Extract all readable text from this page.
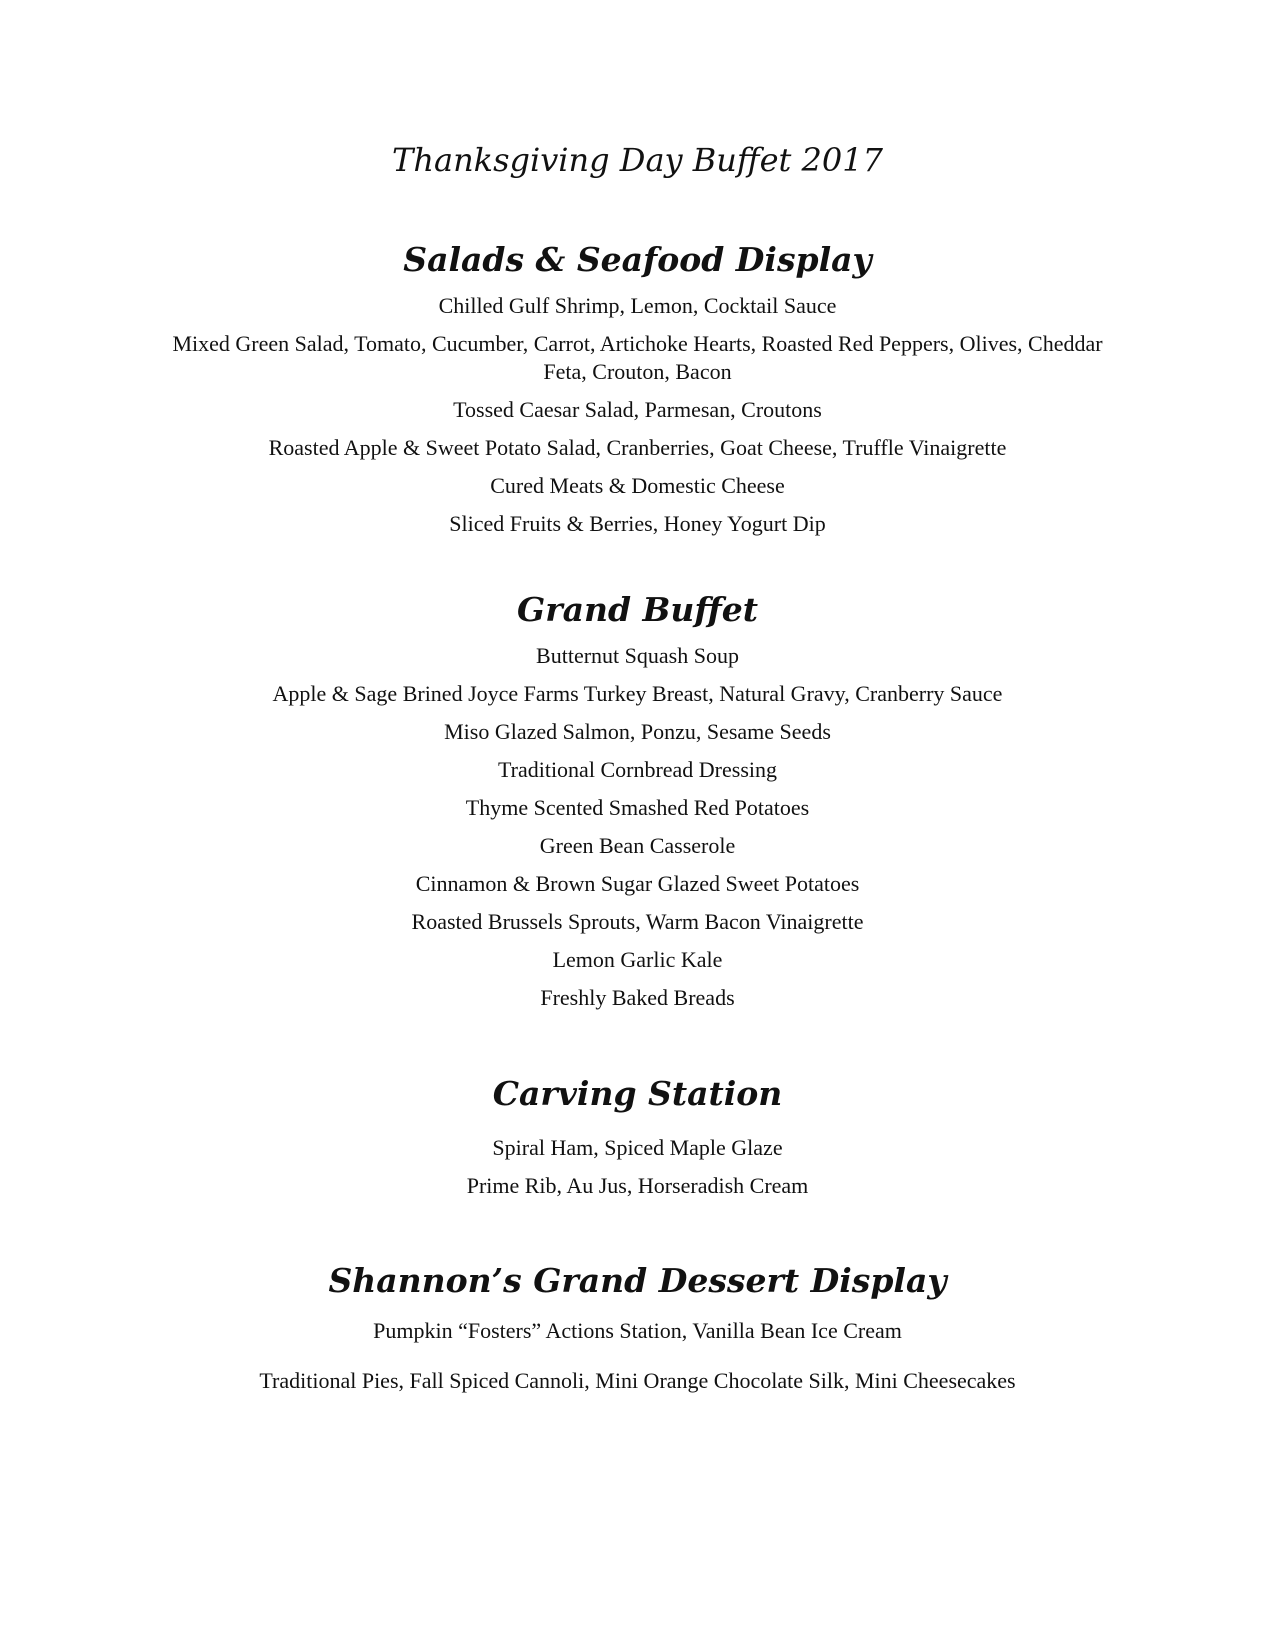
Thanksgiving Day Buffet 2017
Salads & Seafood Display
Chilled Gulf Shrimp, Lemon, Cocktail Sauce
Mixed Green Salad, Tomato, Cucumber, Carrot, Artichoke Hearts, Roasted Red Peppers, Olives, Cheddar Feta, Crouton, Bacon
Tossed Caesar Salad, Parmesan, Croutons
Roasted Apple & Sweet Potato Salad, Cranberries, Goat Cheese, Truffle Vinaigrette
Cured Meats & Domestic Cheese
Sliced Fruits & Berries, Honey Yogurt Dip
Grand Buffet
Butternut Squash Soup
Apple & Sage Brined Joyce Farms Turkey Breast, Natural Gravy, Cranberry Sauce
Miso Glazed Salmon, Ponzu, Sesame Seeds
Traditional Cornbread Dressing
Thyme Scented Smashed Red Potatoes
Green Bean Casserole
Cinnamon & Brown Sugar Glazed Sweet Potatoes
Roasted Brussels Sprouts, Warm Bacon Vinaigrette
Lemon Garlic Kale
Freshly Baked Breads
Carving Station
Spiral Ham, Spiced Maple Glaze
Prime Rib, Au Jus, Horseradish Cream
Shannon’s Grand Dessert Display
Pumpkin “Fosters” Actions Station, Vanilla Bean Ice Cream
Traditional Pies, Fall Spiced Cannoli, Mini Orange Chocolate Silk, Mini Cheesecakes
